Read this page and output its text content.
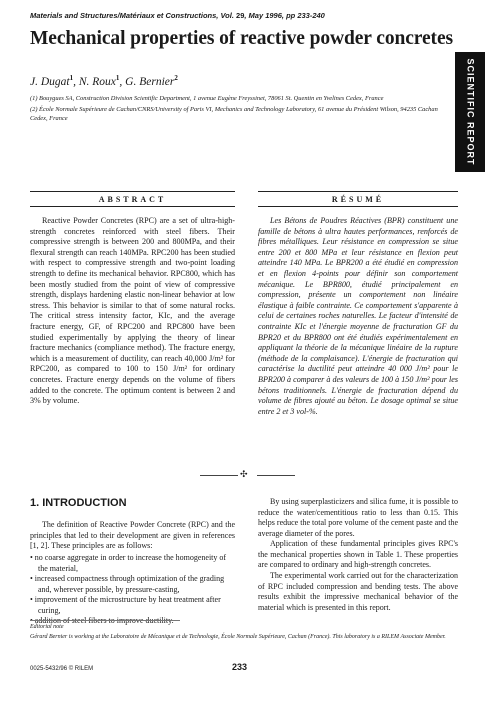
Materials and Structures/Matériaux et Constructions, Vol. 29, May 1996, pp 233-240
Mechanical properties of reactive powder concretes
J. Dugat$^1$, N. Roux$^1$, G. Bernier$^2$
(1) Bouygues SA, Construction Division Scientific Department, 1 avenue Eugène Freyssinet, 78061 St. Quentin en Yvelines Cedex, France
(2) École Normale Supérieure de Cachan/CNRS/University of Paris VI, Mechanics and Technology Laboratory, 61 avenue du Président Wilson, 94235 Cachan Cedex, France	SCIENTIFIC REPORT
ABSTRACT	RÉSUMÉ
Reactive Powder Concretes (RPC) are a set of ultra-high-strength concretes reinforced with steel fibers. Their compressive strength is between 200 and 800MPa, and their flexural strength can reach 140MPa. RPC200 has been studied with respect to compressive strength and two-point loading strength to define its mechanical behavior. RPC800, which has been mostly studied from the point of view of compressive strength, displays hardening elastic non-linear behavior at low stress. This behavior is similar to that of some natural rocks. The critical stress intensity factor, KIc, and the average fracture energy, GF, of RPC200 and RPC800 have been studied experimentally by applying the theory of linear fracture mechanics (compliance method). The fracture energy, which is a measurement of ductility, can reach 40,000 J/m² for RPC200, as compared to 100 to 150 J/m² for ordinary concretes. Fracture energy depends on the volume of fibers added to the concrete. The optimum content is between 2 and 3% by volume.
Les Bétons de Poudres Réactives (BPR) constituent une famille de bétons à ultra hautes performances, renforcés de fibres métalliques. Leur résistance en compression se situe entre 200 et 800 MPa et leur résistance en flexion peut atteindre 140 MPa. Le BPR200 a été étudié en compression et en flexion 4-points pour définir son comportement mécanique. Le BPR800, étudié principalement en compression, présente un comportement non linéaire élastique à faible contrainte. Ce comportement s'apparente à celui de certaines roches naturelles. Le facteur d'intensité de contrainte KIc et l'énergie moyenne de fracturation GF du BPR20 et du BPR800 ont été étudiés expérimentalement en appliquant la théorie de la mécanique linéaire de la rupture (méthode de la complaisance). L'énergie de fracturation qui caractérise la ductilité peut atteindre 40 000 J/m² pour le BPR200 à comparer à des valeurs de 100 à 150 J/m² pour les bétons traditionnels. L'énergie de fracturation dépend du volume de fibres ajouté au béton. Le dosage optimal se situe entre 2 et 3 vol-%.
✣
1. INTRODUCTION
The definition of Reactive Powder Concrete (RPC) and the principles that led to their development are given in references [1, 2]. These principles are as follows:
• no coarse aggregate in order to increase the homogeneity of the material,
• increased compactness through optimization of the grading and, wherever possible, by pressure-casting,
• improvement of the microstructure by heat treatment after curing,
By using superplasticizers and silica fume, it is possible to reduce the water/cementitious ratio to less than 0.15. This helps reduce the total pore volume of the cement paste and the average diameter of the pores.
Application of these fundamental principles gives RPC's the mechanical properties shown in Table 1. These properties are compared to ordinary and high-strength concretes.
The experimental work carried out for the characterization of RPC included compression and bending tests. The above results exhibit the impressive mechanical behavior of the material which is presented in this report.
Editorial note
Gérard Bernier is working at the Laboratoire de Mécanique et de Technologie, École Normale Supérieure, Cachan (France). This laboratory is a RILEM Associate Member.
0025-5432/96 © RILEM	233
